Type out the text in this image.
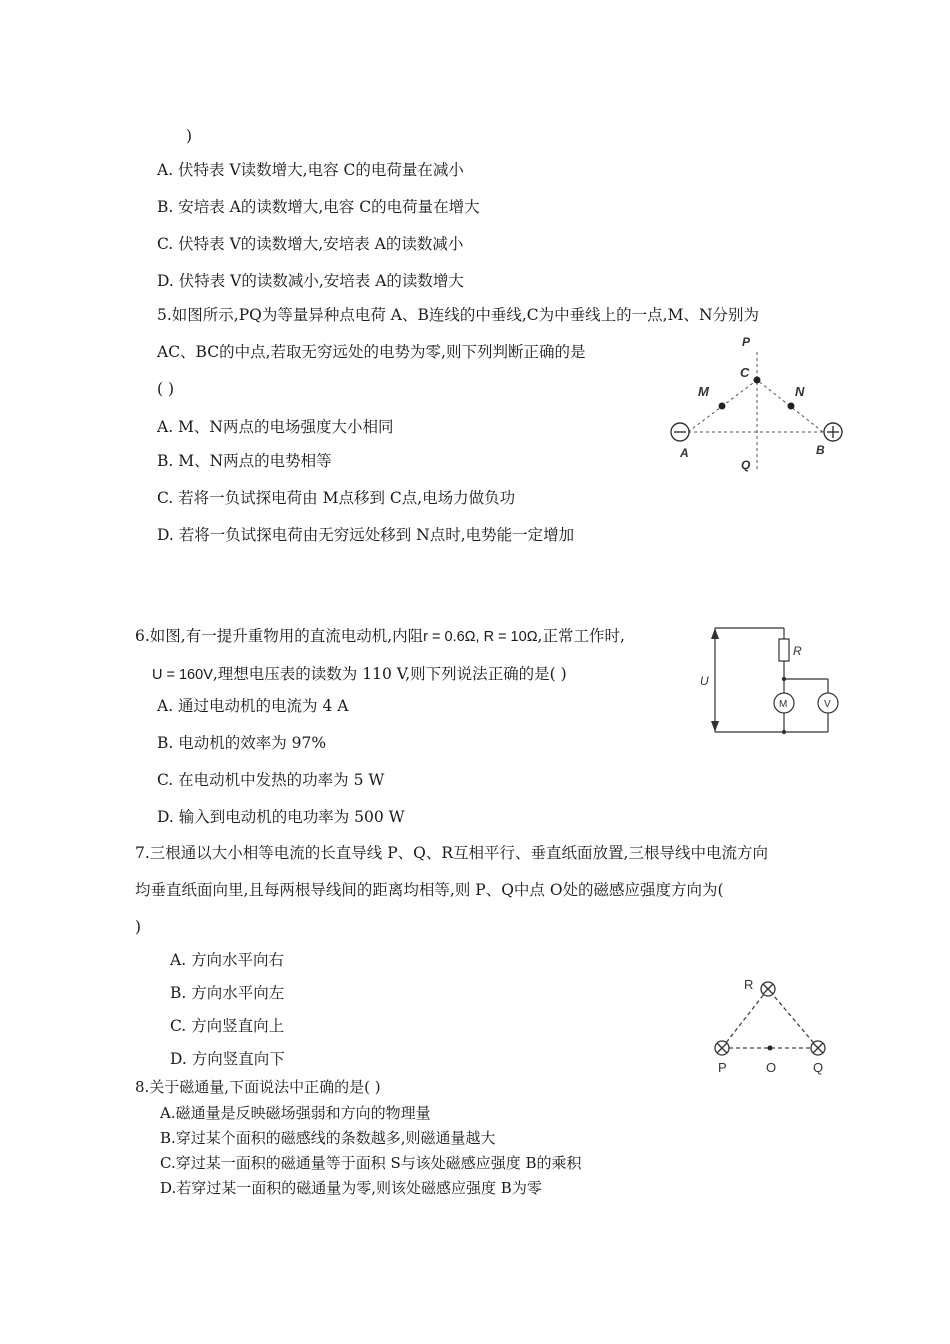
)
A. 伏特表 V读数增大,电容 C的电荷量在减小
B. 安培表 A的读数增大,电容 C的电荷量在增大
C. 伏特表 V的读数增大,安培表 A的读数减小
D. 伏特表 V的读数减小,安培表 A的读数增大
5.如图所示,PQ为等量异种点电荷 A、B连线的中垂线,C为中垂线上的一点,M、N分别为
AC、BC的中点,若取无穷远处的电势为零,则下列判断正确的是
( )
A. M、N两点的电场强度大小相同
B. M、N两点的电势相等
C. 若将一负试探电荷由 M点移到 C点,电场力做负功
D. 若将一负试探电荷由无穷远处移到 N点时,电势能一定增加
P
C
M	N
A	B
Q
6.如图,有一提升重物用的直流电动机,内阻r = 0.6Ω, R = 10Ω,正常工作时,
U = 160V,理想电压表的读数为 110 V,则下列说法正确的是( )
A. 通过电动机的电流为 4 A
B. 电动机的效率为 97%
C. 在电动机中发热的功率为 5 W
D. 输入到电动机的电功率为 500 W
R
U
M	V
7.三根通以大小相等电流的长直导线 P、Q、R互相平行、垂直纸面放置,三根导线中电流方向
均垂直纸面向里,且每两根导线间的距离均相等,则 P、Q中点 O处的磁感应强度方向为(
)
A. 方向水平向右
B. 方向水平向左
C. 方向竖直向上
D. 方向竖直向下
R
P	O	Q
8.关于磁通量,下面说法中正确的是( )
A.磁通量是反映磁场强弱和方向的物理量
B.穿过某个面积的磁感线的条数越多,则磁通量越大
C.穿过某一面积的磁通量等于面积 S与该处磁感应强度 B的乘积
D.若穿过某一面积的磁通量为零,则该处磁感应强度 B为零
